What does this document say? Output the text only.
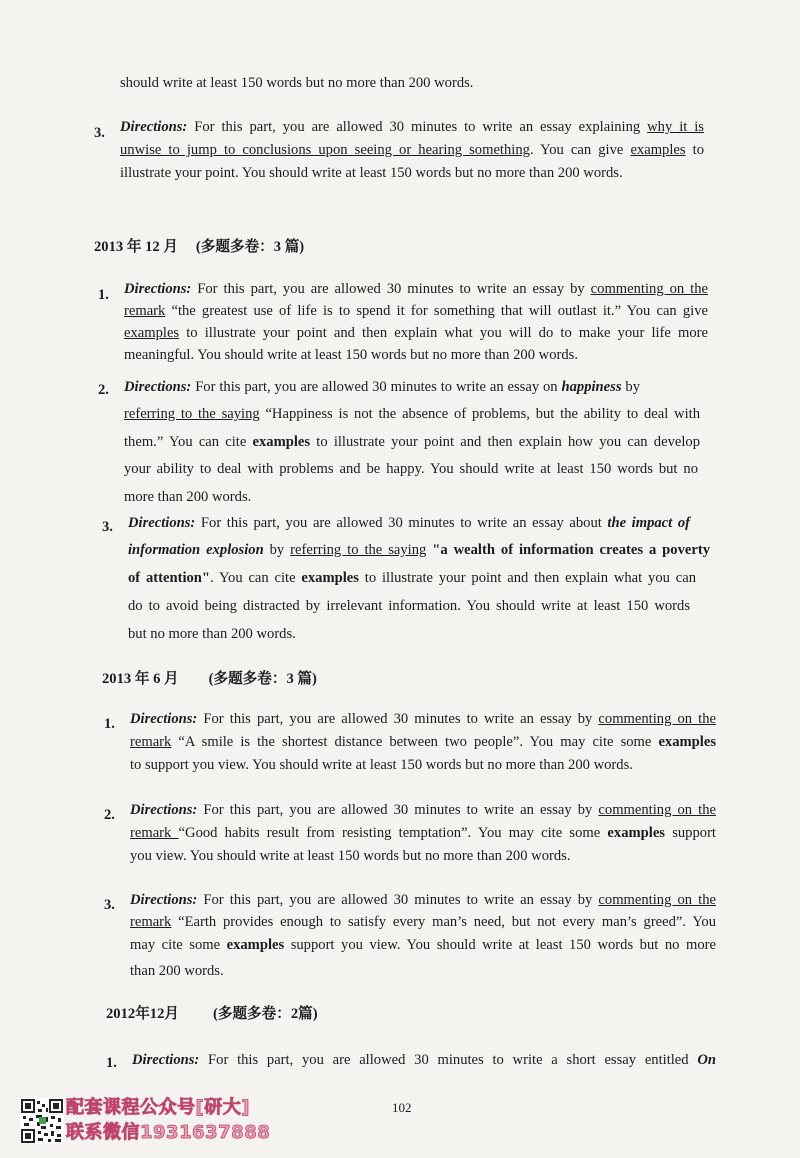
should write at least 150 words but no more than 200 words.
3. Directions: For this part, you are allowed 30 minutes to write an essay explaining why it is
unwise to jump to conclusions upon seeing or hearing something. You can give examples to
illustrate your point. You should write at least 150 words but no more than 200 words.
2013 年 12 月 (多题多卷：3 篇)
1. Directions: For this part, you are allowed 30 minutes to write an essay by commenting on the
remark “the greatest use of life is to spend it for something that will outlast it.” You can give
examples to illustrate your point and then explain what you will do to make your life more
meaningful. You should write at least 150 words but no more than 200 words.
2. Directions: For this part, you are allowed 30 minutes to write an essay on happiness by
referring to the saying “Happiness is not the absence of problems, but the ability to deal with
them.” You can cite examples to illustrate your point and then explain how you can develop
your ability to deal with problems and be happy. You should write at least 150 words but no
more than 200 words.
3. Directions: For this part, you are allowed 30 minutes to write an essay about the impact of
information explosion by referring to the saying "a wealth of information creates a poverty
of attention". You can cite examples to illustrate your point and then explain what you can
do to avoid being distracted by irrelevant information. You should write at least 150 words
but no more than 200 words.
2013 年 6 月 (多题多卷：3 篇)
1. Directions: For this part, you are allowed 30 minutes to write an essay by commenting on the
remark “A smile is the shortest distance between two people”. You may cite some examples
to support you view. You should write at least 150 words but no more than 200 words.
2. Directions: For this part, you are allowed 30 minutes to write an essay by commenting on the
remark “Good habits result from resisting temptation”. You may cite some examples support
you view. You should write at least 150 words but no more than 200 words.
3. Directions: For this part, you are allowed 30 minutes to write an essay by commenting on the
remark “Earth provides enough to satisfy every man’s need, but not every man’s greed”. You
may cite some examples support you view. You should write at least 150 words but no more
than 200 words.
2012年12月 (多题多卷：2篇)
1. Directions: For this part, you are allowed 30 minutes to write a short essay entitled On
配套课程公众号[研大]
联系微信1931637888
102
